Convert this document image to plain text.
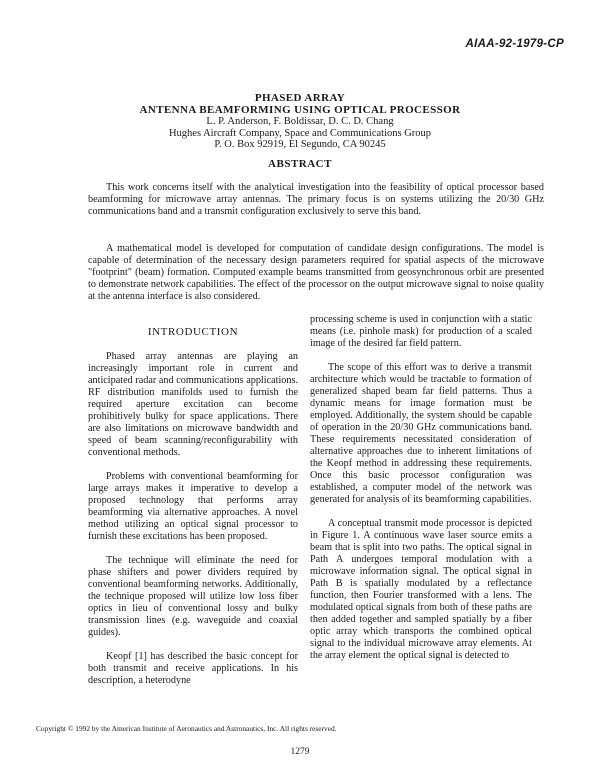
AIAA-92-1979-CP
PHASED ARRAY
ANTENNA BEAMFORMING USING OPTICAL PROCESSOR
L. P. Anderson, F. Boldissar, D. C. D. Chang
Hughes Aircraft Company, Space and Communications Group
P. O. Box 92919, El Segundo, CA 90245
ABSTRACT

This work concerns itself with the analytical investigation into the feasibility of optical processor based beamforming for microwave array antennas. The primary focus is on systems utilizing the 20/30 GHz communications band and a transmit configuration exclusively to serve this band.

A mathematical model is developed for computation of candidate design configurations. The model is capable of determination of the necessary design parameters required for spatial aspects of the microwave "footprint" (beam) formation. Computed example beams transmitted from geosynchronous orbit are presented to demonstrate network capabilities. The effect of the processor on the output microwave signal to noise quality at the antenna interface is also considered.

INTRODUCTION

Phased array antennas are playing an increasingly important role in current and anticipated radar and communications applications. RF distribution manifolds used to furnish the required aperture excitation can become prohibitively bulky for space applications. There are also limitations on microwave bandwidth and speed of beam scanning/reconfigurability with conventional methods.

Problems with conventional beamforming for large arrays makes it imperative to develop a proposed technology that performs array beamforming via alternative approaches. A novel method utilizing an optical signal processor to furnish these excitations has been proposed.

The technique will eliminate the need for phase shifters and power dividers required by conventional beamforming networks. Additionally, the technique proposed will utilize low loss fiber optics in lieu of conventional lossy and bulky transmission lines (e.g. waveguide and coaxial guides).

Keopf [1] has described the basic concept for both transmit and receive applications. In his description, a heterodyne

processing scheme is used in conjunction with a static means (i.e. pinhole mask) for production of a scaled image of the desired far field pattern.

The scope of this effort was to derive a transmit architecture which would be tractable to formation of generalized shaped beam far field patterns. Thus a dynamic means for image formation must be employed. Additionally, the system should be capable of operation in the 20/30 GHz communications band. These requirements necessitated consideration of alternative approaches due to inherent limitations of the Keopf method in addressing these requirements. Once this basic processor configuration was established, a computer model of the network was generated for analysis of its beamforming capabilities.

A conceptual transmit mode processor is depicted in Figure 1. A continuous wave laser source emits a beam that is split into two paths. The optical signal in Path A undergoes temporal modulation with a microwave information signal. The optical signal in Path B is spatially modulated by a reflectance function, then Fourier transformed with a lens. The modulated optical signals from both of these paths are then added together and sampled spatially by a fiber optic array which transports the combined optical signal to the individual microwave array elements. At the array element the optical signal is detected to

Copyright © 1992 by the American Institute of Aeronautics and Astronautics, Inc. All rights reserved.
1279
